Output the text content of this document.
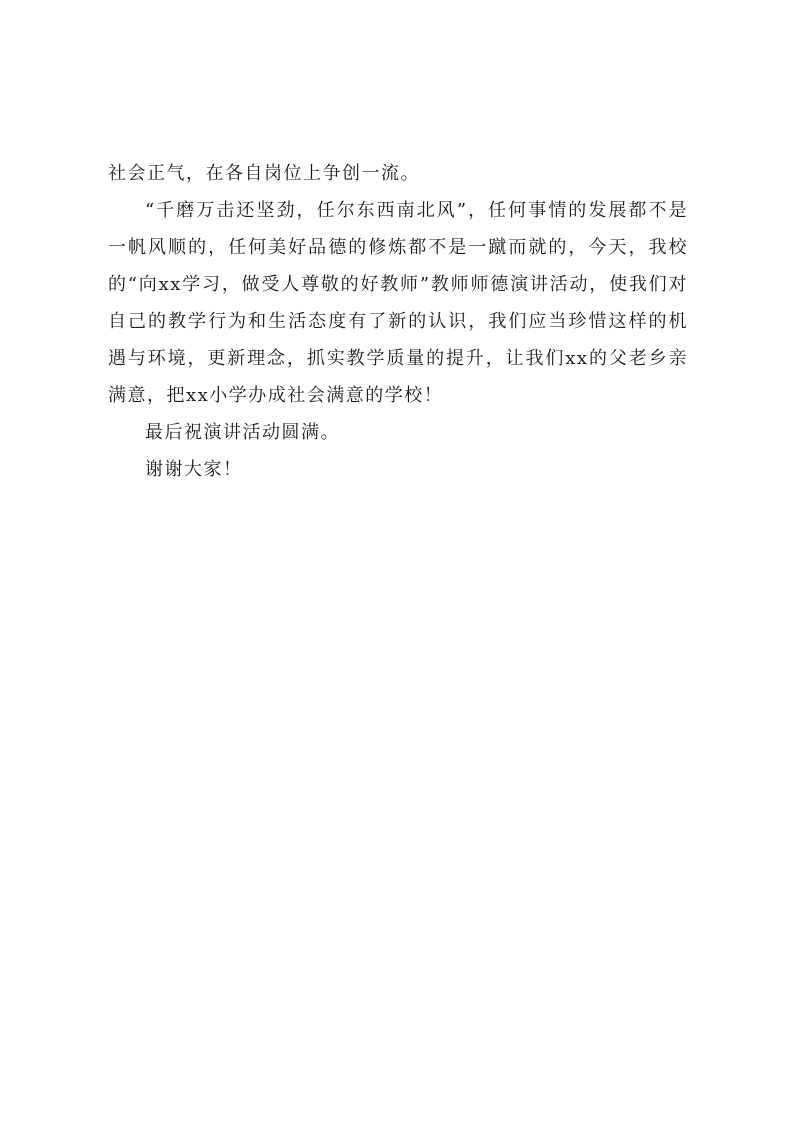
社会正气，在各自岗位上争创一流。

“千磨万击还坚劲，任尔东西南北风”，任何事情的发展都不是一帆风顺的，任何美好品德的修炼都不是一蹴而就的，今天，我校的“向xx学习，做受人尊敬的好教师”教师师德演讲活动，使我们对自己的教学行为和生活态度有了新的认识，我们应当珍惜这样的机遇与环境，更新理念，抓实教学质量的提升，让我们xx的父老乡亲满意，把xx小学办成社会满意的学校！

最后祝演讲活动圆满。

谢谢大家！
